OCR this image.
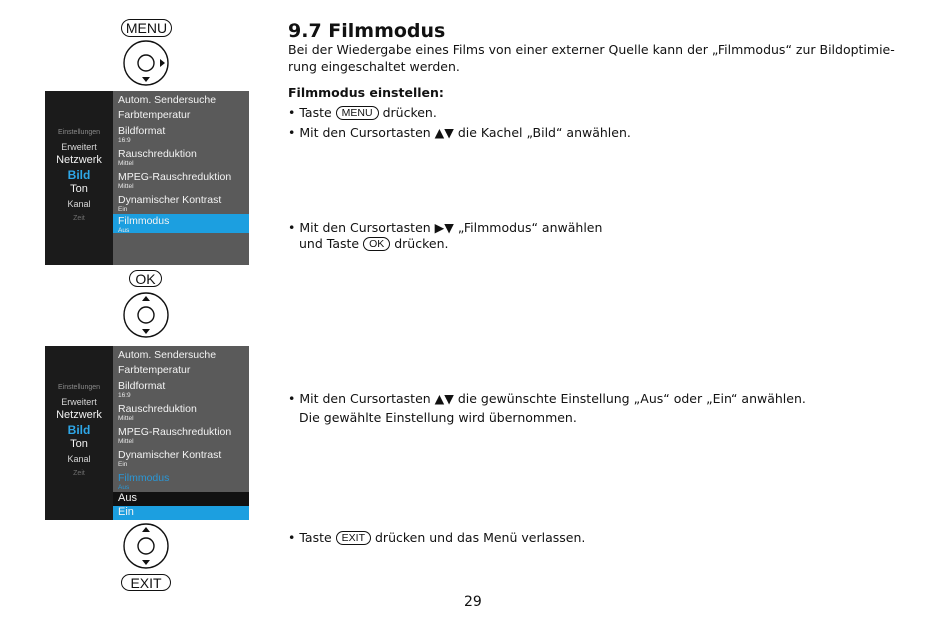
MENU
Einstellungen
Erweitert
Netzwerk
Bild
Ton
Kanal
Zeit
Autom. Sendersuche
Farbtemperatur
Bildformat
16:9
Rauschreduktion
Mittel
MPEG-Rauschreduktion
Mittel
Dynamischer Kontrast
Ein
Filmmodus
Aus
OK
Einstellungen
Erweitert
Netzwerk
Bild
Ton
Kanal
Zeit
Autom. Sendersuche
Farbtemperatur
Bildformat
16:9
Rauschreduktion
Mittel
MPEG-Rauschreduktion
Mittel
Dynamischer Kontrast
Ein
Filmmodus
Aus
Aus
Ein
EXIT
9.7 Filmmodus
Bei der Wiedergabe eines Films von einer externer Quelle kann der „Filmmodus“ zur Bildoptimie-
rung eingeschaltet werden.
Filmmodus einstellen:
• Taste MENU drücken.
• Mit den Cursortasten ▲▼ die Kachel „Bild“ anwählen.
• Mit den Cursortasten ▶▼ „Filmmodus“ anwählen
und Taste OK drücken.
• Mit den Cursortasten ▲▼ die gewünschte Einstellung „Aus“ oder „Ein“ anwählen.
Die gewählte Einstellung wird übernommen.
• Taste EXIT drücken und das Menü verlassen.
29
